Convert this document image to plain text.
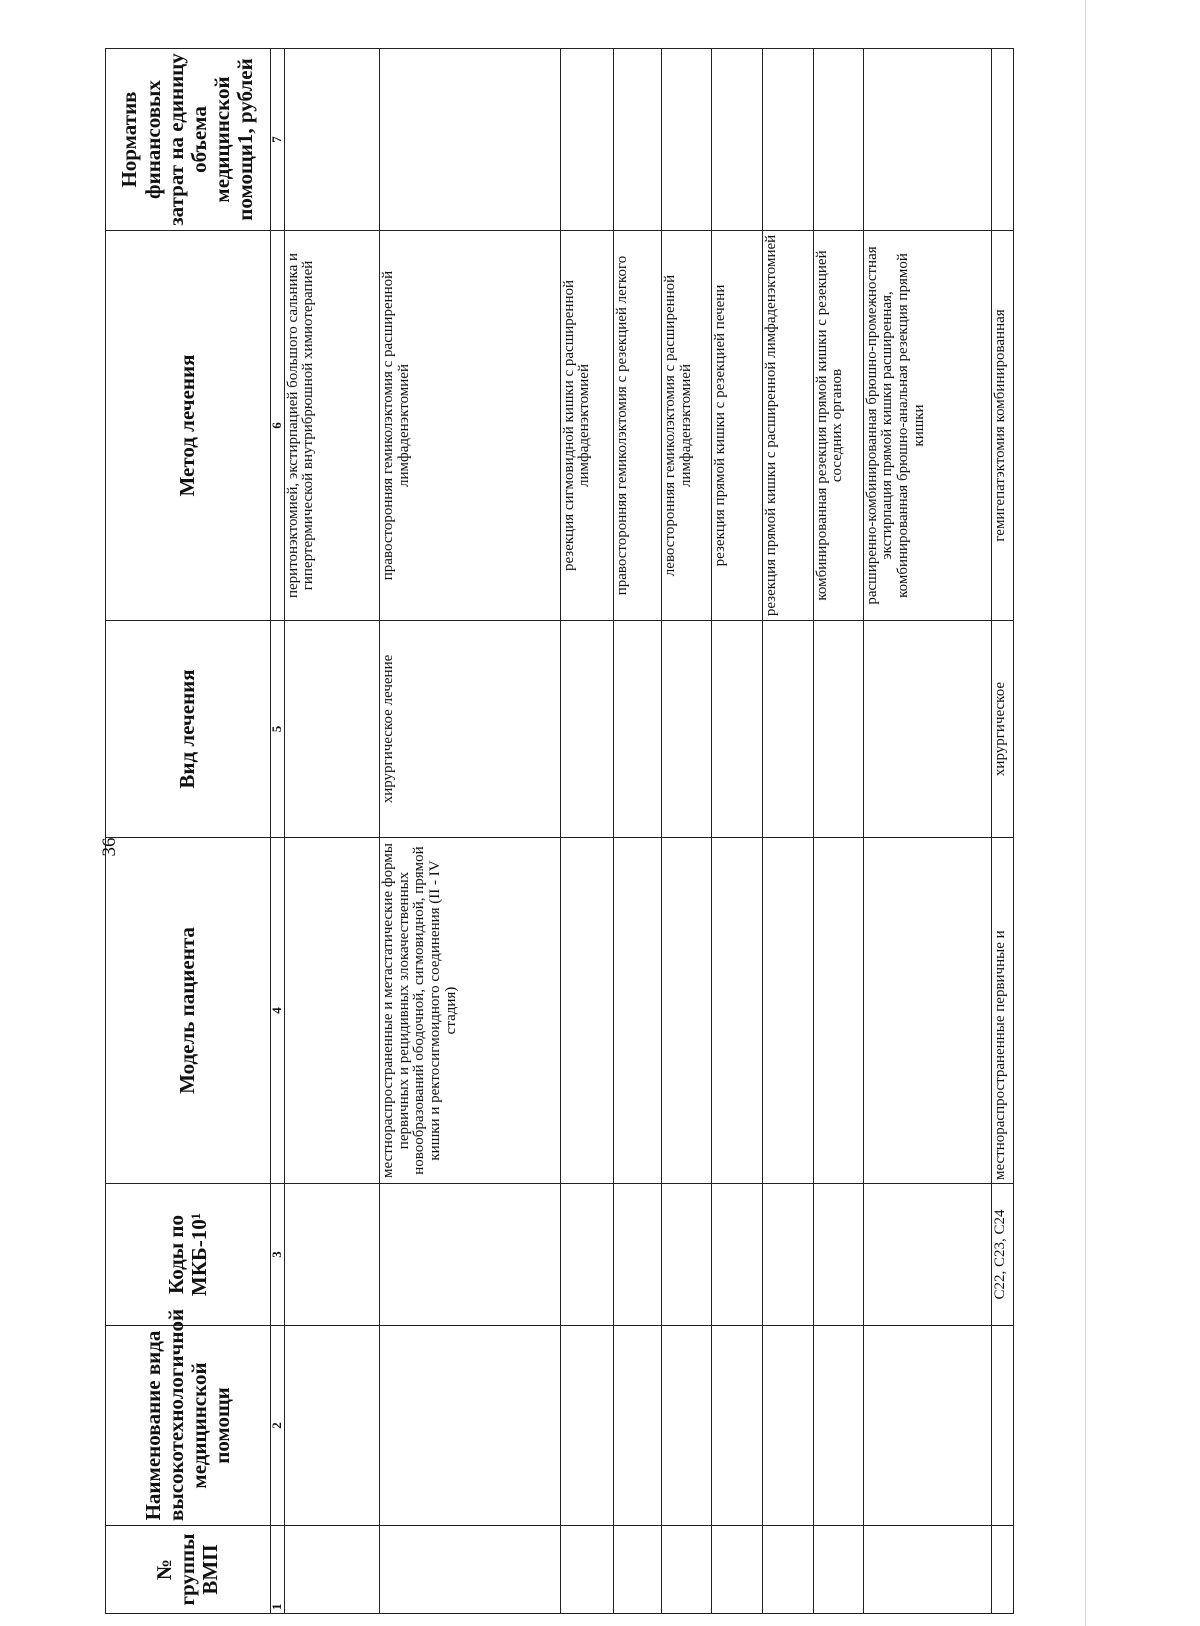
36
№ группы ВМП	Наименование вида высокотехнологичной медицинской помощи	Коды по МКБ-10¹	Модель пациента	Вид лечения	Метод лечения	Норматив финансовых затрат на единицу объема медицинской помощи1, рублей
1	2	3	4	5	6	7
					перитонэктомией, экстирпацией большого сальника и гипертермической внутрибрюшной химиотерапией	
			местнораспространенные и метастатические формы первичных и рецидивных злокачественных новообразований ободочной, сигмовидной, прямой кишки и ректосигмоидного соединения (II - IV стадия)	хирургическое лечение	правосторонняя гемиколэктомия с расширенной лимфаденэктомией	
					резекция сигмовидной кишки с расширенной лимфаденэктомией	
					правосторонняя гемиколэктомия с резекцией легкого	
					левосторонняя гемиколэктомия с расширенной лимфаденэктомией	
					резекция прямой кишки с резекцией печени	
					резекция прямой кишки с расширенной лимфаденэктомией	
					комбинированная резекция прямой кишки с резекцией соседних органов	
					расширенно-комбинированная брюшно-промежностная экстирпация прямой кишки расширенная, комбинированная брюшно-анальная резекция прямой кишки	
		C22, C23, C24	местнораспространенные первичные и	хирургическое	гемигепатэктомия комбинированная	
